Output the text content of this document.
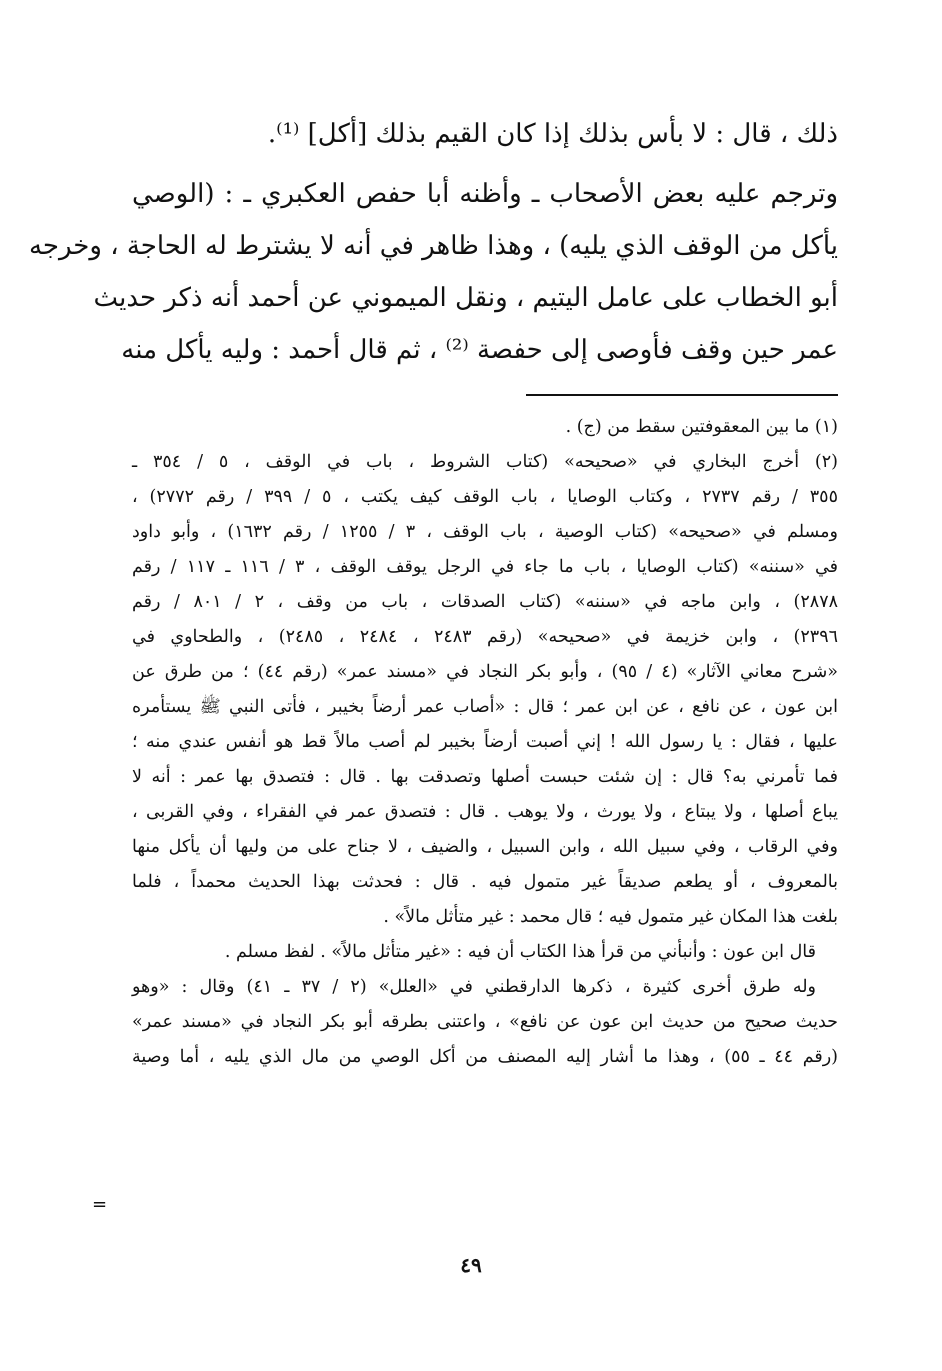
ذلك ، قال : لا بأس بذلك إذا كان القيم بذلك [أكل] ⁽¹⁾.
وترجم عليه بعض الأصحاب ـ وأظنه أبا حفص العكبري ـ : (الوصي
يأكل من الوقف الذي يليه) ، وهذا ظاهر في أنه لا يشترط له الحاجة ، وخرجه
أبو الخطاب على عامل اليتيم ، ونقل الميموني عن أحمد أنه ذكر حديث
عمر حين وقف فأوصى إلى حفصة ⁽²⁾ ، ثم قال أحمد : وليه يأكل منه
(١) ما بين المعقوفتين سقط من (ج) .
(٢) أخرج البخاري في «صحيحه» (كتاب الشروط ، باب في الوقف ، ٥ / ٣٥٤ ـ
٣٥٥ / رقم ٢٧٣٧ ، وكتاب الوصايا ، باب الوقف كيف يكتب ، ٥ / ٣٩٩ / رقم ٢٧٧٢) ،
ومسلم في «صحيحه» (كتاب الوصية ، باب الوقف ، ٣ / ١٢٥٥ / رقم ١٦٣٢) ، وأبو داود
في «سننه» (كتاب الوصايا ، باب ما جاء في الرجل يوقف الوقف ، ٣ / ١١٦ ـ ١١٧ / رقم
٢٨٧٨) ، وابن ماجه في «سننه» (كتاب الصدقات ، باب من وقف ، ٢ / ٨٠١ / رقم
٢٣٩٦) ، وابن خزيمة في «صحيحه» (رقم ٢٤٨٣ ، ٢٤٨٤ ، ٢٤٨٥) ، والطحاوي في
«شرح معاني الآثار» (٤ / ٩٥) ، وأبو بكر النجاد في «مسند عمر» (رقم ٤٤) ؛ من طرق عن
ابن عون ، عن نافع ، عن ابن عمر ؛ قال : «أصاب عمر أرضاً بخيبر ، فأتى النبي ﷺ يستأمره
عليها ، فقال : يا رسول الله ! إني أصبت أرضاً بخيبر لم أصب مالاً قط هو أنفس عندي منه ؛
فما تأمرني به؟ قال : إن شئت حبست أصلها وتصدقت بها . قال : فتصدق بها عمر : أنه لا
يباع أصلها ، ولا يبتاع ، ولا يورث ، ولا يوهب . قال : فتصدق عمر في الفقراء ، وفي القربى ،
وفي الرقاب ، وفي سبيل الله ، وابن السبيل ، والضيف ، لا جناح على من وليها أن يأكل منها
بالمعروف ، أو يطعم صديقاً غير متمول فيه . قال : فحدثت بهذا الحديث محمداً ، فلما
بلغت هذا المكان غير متمول فيه ؛ قال محمد : غير متأثل مالاً» .
قال ابن عون : وأنبأني من قرأ هذا الكتاب أن فيه : «غير متأثل مالاً» . لفظ مسلم .
وله طرق أخرى كثيرة ، ذكرها الدارقطني في «العلل» (٢ / ٣٧ ـ ٤١) وقال : «وهو
حديث صحيح من حديث ابن عون عن نافع» ، واعتنى بطرقه أبو بكر النجاد في «مسند عمر»
(رقم ٤٤ ـ ٥٥) ، وهذا ما أشار إليه المصنف من أكل الوصي من مال الذي يليه ، أما وصية
=
٤٩
